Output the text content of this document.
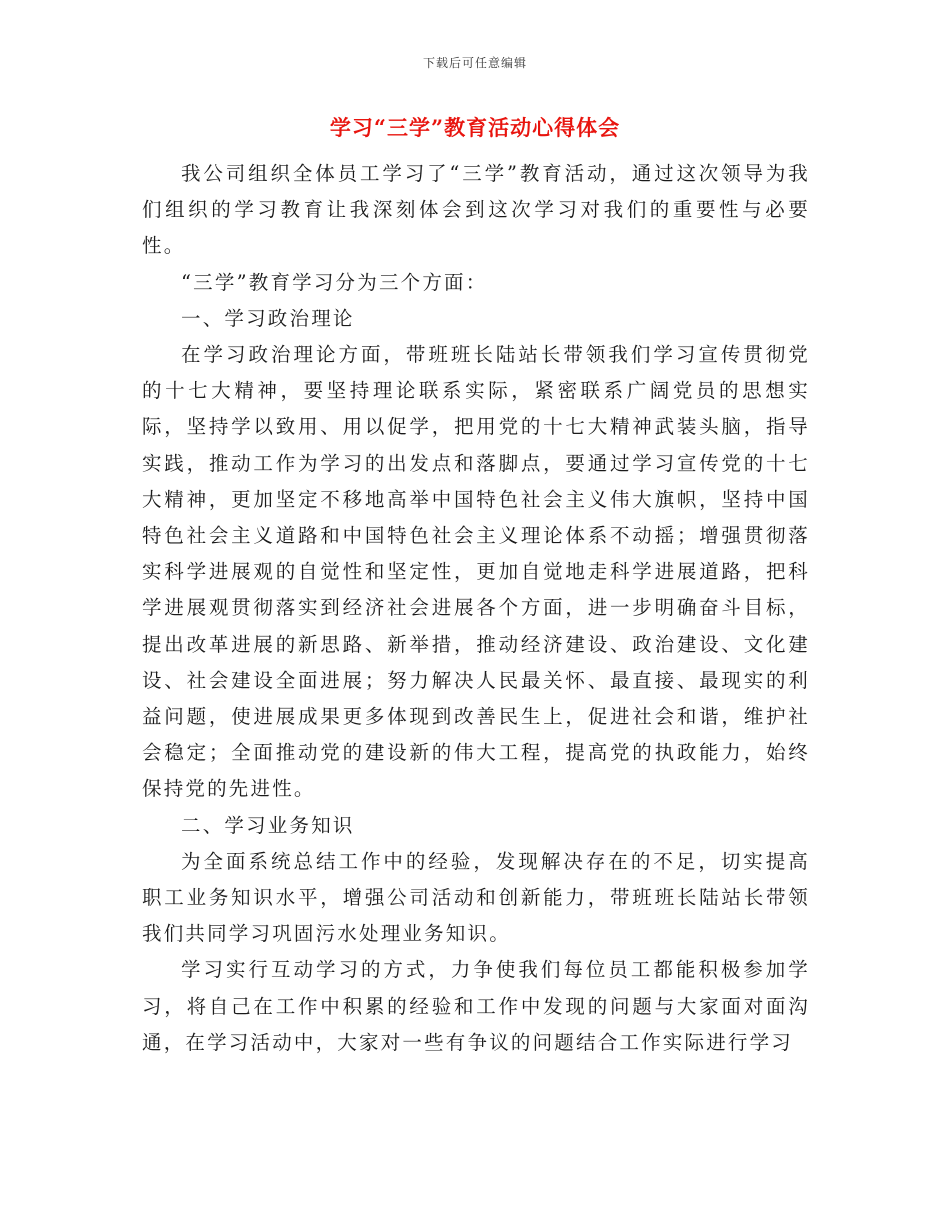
下载后可任意编辑
学习“三学”教育活动心得体会

我公司组织全体员工学习了“三学”教育活动，通过这次领导为我们组织的学习教育让我深刻体会到这次学习对我们的重要性与必要性。

“三学”教育学习分为三个方面：

一、学习政治理论

在学习政治理论方面，带班班长陆站长带领我们学习宣传贯彻党的十七大精神，要坚持理论联系实际，紧密联系广阔党员的思想实际，坚持学以致用、用以促学，把用党的十七大精神武装头脑，指导实践，推动工作为学习的出发点和落脚点，要通过学习宣传党的十七大精神，更加坚定不移地高举中国特色社会主义伟大旗帜，坚持中国特色社会主义道路和中国特色社会主义理论体系不动摇；增强贯彻落实科学进展观的自觉性和坚定性，更加自觉地走科学进展道路，把科学进展观贯彻落实到经济社会进展各个方面，进一步明确奋斗目标，提出改革进展的新思路、新举措，推动经济建设、政治建设、文化建设、社会建设全面进展；努力解决人民最关怀、最直接、最现实的利益问题，使进展成果更多体现到改善民生上，促进社会和谐，维护社会稳定；全面推动党的建设新的伟大工程，提高党的执政能力，始终保持党的先进性。

二、学习业务知识

为全面系统总结工作中的经验，发现解决存在的不足，切实提高职工业务知识水平，增强公司活动和创新能力，带班班长陆站长带领我们共同学习巩固污水处理业务知识。

学习实行互动学习的方式，力争使我们每位员工都能积极参加学习，将自己在工作中积累的经验和工作中发现的问题与大家面对面沟通，在学习活动中，大家对一些有争议的问题结合工作实际进行学习
